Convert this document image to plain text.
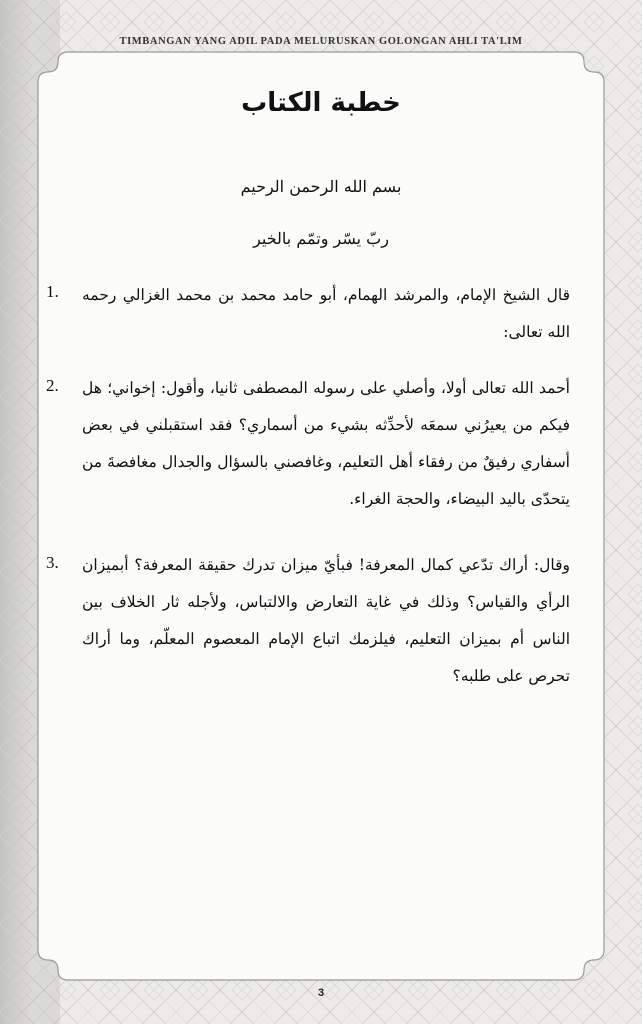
TIMBANGAN YANG ADIL PADA MELURUSKAN GOLONGAN AHLI TA'LIM
خطبة الكتاب
بسم الله الرحمن الرحيم
ربّ يسّر وتمّم بالخير
1. قال الشيخ الإمام، والمرشد الهمام، أبو حامد محمد بن محمد الغزالي رحمه الله تعالى:
2. أحمد الله تعالى أولا، وأصلي على رسوله المصطفى ثانيا، وأقول: إخواني؛ هل فيكم من يعيرُني سمعَه لأحدِّثه بشيء من أسماري؟ فقد استقبلني في بعض أسفاري رفيقٌ من رفقاء أهل التعليم، وغافصني بالسؤال والجدال مغافصةَ من يتحدّى باليد البيضاء، والحجة الغراء.
3. وقال: أراك تدّعي كمال المعرفة! فبأيّ ميزان تدرك حقيقة المعرفة؟ أبميزان الرأي والقياس؟ وذلك في غاية التعارض والالتباس، ولأجله ثار الخلاف بين الناس أم بميزان التعليم، فيلزمك اتباع الإمام المعصوم المعلّم، وما أراك تحرص على طلبه؟
3
